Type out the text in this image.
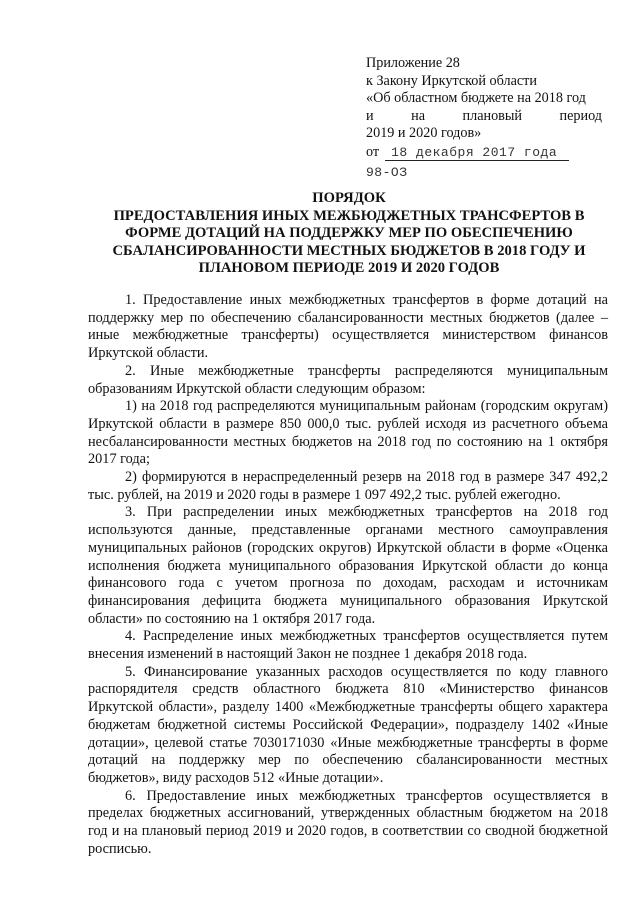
Приложение 28
к Закону Иркутской области
«Об областном бюджете на 2018 год
и	на	плановый	период
2019 и 2020 годов»
от 18 декабря 2017 года
98-ОЗ
ПОРЯДОК
ПРЕДОСТАВЛЕНИЯ ИНЫХ МЕЖБЮДЖЕТНЫХ ТРАНСФЕРТОВ В
ФОРМЕ ДОТАЦИЙ НА ПОДДЕРЖКУ МЕР ПО ОБЕСПЕЧЕНИЮ
СБАЛАНСИРОВАННОСТИ МЕСТНЫХ БЮДЖЕТОВ В 2018 ГОДУ И
ПЛАНОВОМ ПЕРИОДЕ 2019 И 2020 ГОДОВ

1. Предоставление иных межбюджетных трансфертов в форме дотаций на поддержку мер по обеспечению сбалансированности местных бюджетов (далее – иные межбюджетные трансферты) осуществляется министерством финансов Иркутской области.

2. Иные межбюджетные трансферты распределяются муниципальным образованиям Иркутской области следующим образом:

1) на 2018 год распределяются муниципальным районам (городским округам) Иркутской области в размере 850 000,0 тыс. рублей исходя из расчетного объема несбалансированности местных бюджетов на 2018 год по состоянию на 1 октября 2017 года;

2) формируются в нераспределенный резерв на 2018 год в размере 347 492,2 тыс. рублей, на 2019 и 2020 годы в размере 1 097 492,2 тыс. рублей ежегодно.

3. При распределении иных межбюджетных трансфертов на 2018 год используются данные, представленные органами местного самоуправления муниципальных районов (городских округов) Иркутской области в форме «Оценка исполнения бюджета муниципального образования Иркутской области до конца финансового года с учетом прогноза по доходам, расходам и источникам финансирования дефицита бюджета муниципального образования Иркутской области» по состоянию на 1 октября 2017 года.

4. Распределение иных межбюджетных трансфертов осуществляется путем внесения изменений в настоящий Закон не позднее 1 декабря 2018 года.

5. Финансирование указанных расходов осуществляется по коду главного распорядителя средств областного бюджета 810 «Министерство финансов Иркутской области», разделу 1400 «Межбюджетные трансферты общего характера бюджетам бюджетной системы Российской Федерации», подразделу 1402 «Иные дотации», целевой статье 7030171030 «Иные межбюджетные трансферты в форме дотаций на поддержку мер по обеспечению сбалансированности местных бюджетов», виду расходов 512 «Иные дотации».

6. Предоставление иных межбюджетных трансфертов осуществляется в пределах бюджетных ассигнований, утвержденных областным бюджетом на 2018 год и на плановый период 2019 и 2020 годов, в соответствии со сводной бюджетной росписью.
